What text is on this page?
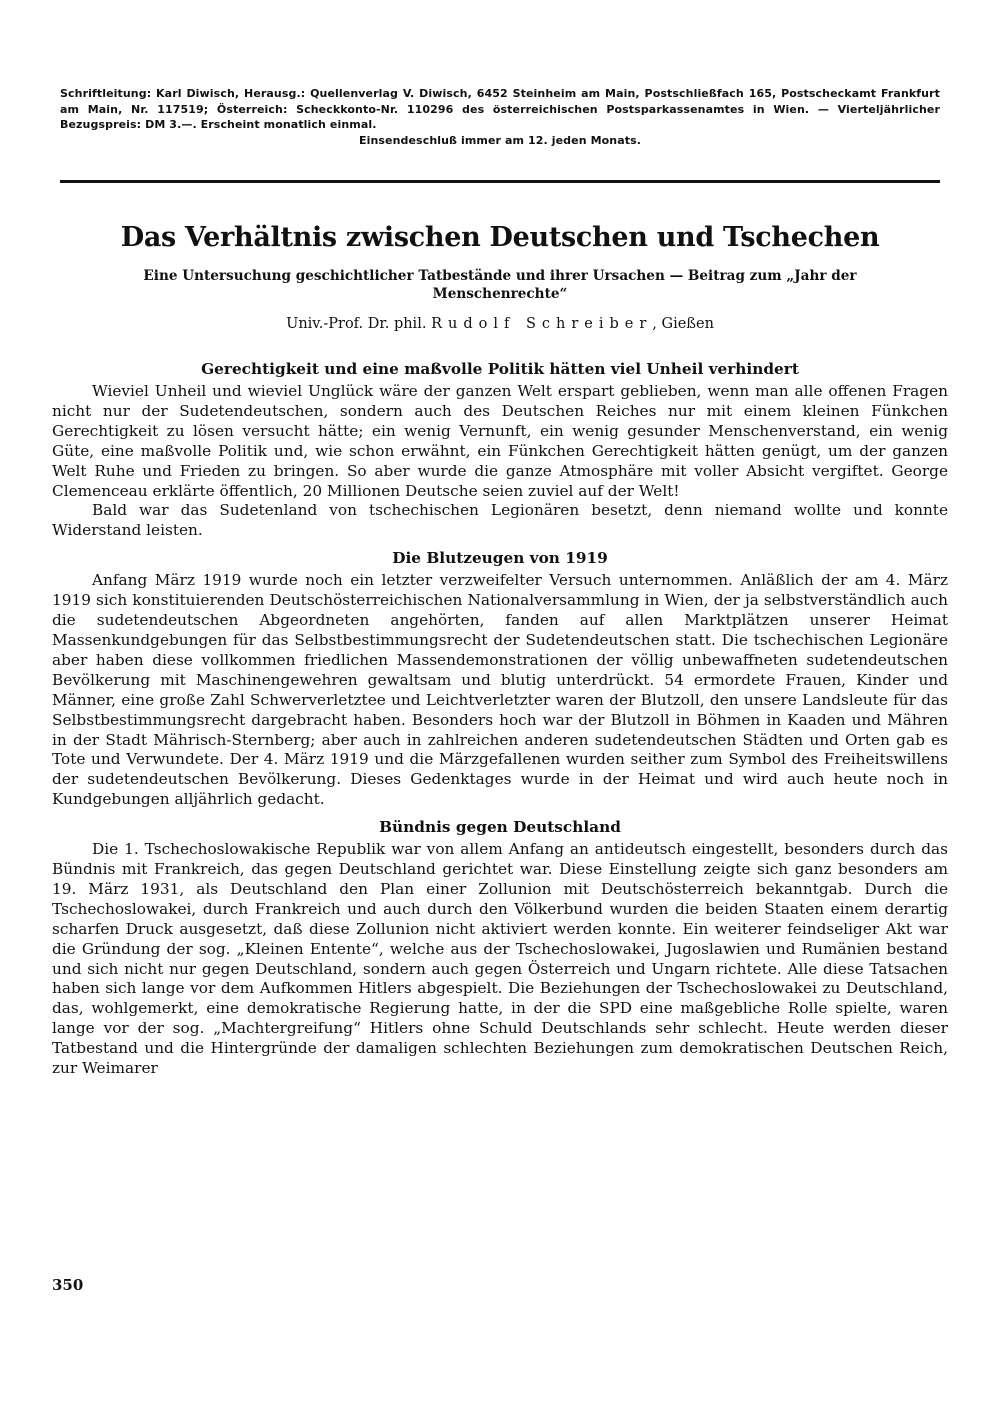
Schriftleitung: Karl Diwisch, Herausg.: Quellenverlag V. Diwisch, 6452 Steinheim am Main, Postschließfach 165, Postscheckamt Frankfurt am Main, Nr. 117519; Österreich: Scheckkonto-Nr. 110296 des österreichischen Postsparkassenamtes in Wien. — Vierteljährlicher Bezugspreis: DM 3.—. Erscheint monatlich einmal.
Einsendeschluß immer am 12. jeden Monats.
Das Verhältnis zwischen Deutschen und Tschechen
Eine Untersuchung geschichtlicher Tatbestände und ihrer Ursachen — Beitrag zum „Jahr der Menschenrechte“
Univ.-Prof. Dr. phil. Rudolf Schreiber, Gießen
Gerechtigkeit und eine maßvolle Politik hätten viel Unheil verhindert

Wieviel Unheil und wieviel Unglück wäre der ganzen Welt erspart geblieben, wenn man alle offenen Fragen nicht nur der Sudetendeutschen, sondern auch des Deutschen Reiches nur mit einem kleinen Fünkchen Gerechtigkeit zu lösen versucht hätte; ein wenig Vernunft, ein wenig gesunder Menschenverstand, ein wenig Güte, eine maßvolle Politik und, wie schon erwähnt, ein Fünkchen Gerechtigkeit hätten genügt, um der ganzen Welt Ruhe und Frieden zu bringen. So aber wurde die ganze Atmosphäre mit voller Absicht vergiftet. George Clemenceau erklärte öffentlich, 20 Millionen Deutsche seien zuviel auf der Welt!

Bald war das Sudetenland von tschechischen Legionären besetzt, denn niemand wollte und konnte Widerstand leisten.

Die Blutzeugen von 1919

Anfang März 1919 wurde noch ein letzter verzweifelter Versuch unternommen. Anläßlich der am 4. März 1919 sich konstituierenden Deutschösterreichischen Nationalversammlung in Wien, der ja selbstverständlich auch die sudetendeutschen Abgeordneten angehörten, fanden auf allen Marktplätzen unserer Heimat Massenkundgebungen für das Selbstbestimmungsrecht der Sudetendeutschen statt. Die tschechischen Legionäre aber haben diese vollkommen friedlichen Massendemonstrationen der völlig unbewaffneten sudetendeutschen Bevölkerung mit Maschinengewehren gewaltsam und blutig unterdrückt. 54 ermordete Frauen, Kinder und Männer, eine große Zahl Schwerverletztee und Leichtverletzter waren der Blutzoll, den unsere Landsleute für das Selbstbestimmungsrecht dargebracht haben. Besonders hoch war der Blutzoll in Böhmen in Kaaden und Mähren in der Stadt Mährisch-Sternberg; aber auch in zahlreichen anderen sudetendeutschen Städten und Orten gab es Tote und Verwundete. Der 4. März 1919 und die Märzgefallenen wurden seither zum Symbol des Freiheitswillens der sudetendeutschen Bevölkerung. Dieses Gedenktages wurde in der Heimat und wird auch heute noch in Kundgebungen alljährlich gedacht.

Bündnis gegen Deutschland

Die 1. Tschechoslowakische Republik war von allem Anfang an antideutsch eingestellt, besonders durch das Bündnis mit Frankreich, das gegen Deutschland gerichtet war. Diese Einstellung zeigte sich ganz besonders am 19. März 1931, als Deutschland den Plan einer Zollunion mit Deutschösterreich bekanntgab. Durch die Tschechoslowakei, durch Frankreich und auch durch den Völkerbund wurden die beiden Staaten einem derartig scharfen Druck ausgesetzt, daß diese Zollunion nicht aktiviert werden konnte. Ein weiterer feindseliger Akt war die Gründung der sog. „Kleinen Entente“, welche aus der Tschechoslowakei, Jugoslawien und Rumänien bestand und sich nicht nur gegen Deutschland, sondern auch gegen Österreich und Ungarn richtete. Alle diese Tatsachen haben sich lange vor dem Aufkommen Hitlers abgespielt. Die Beziehungen der Tschechoslowakei zu Deutschland, das, wohlgemerkt, eine demokratische Regierung hatte, in der die SPD eine maßgebliche Rolle spielte, waren lange vor der sog. „Machtergreifung“ Hitlers ohne Schuld Deutschlands sehr schlecht. Heute werden dieser Tatbestand und die Hintergründe der damaligen schlechten Beziehungen zum demokratischen Deutschen Reich, zur Weimarer

350
